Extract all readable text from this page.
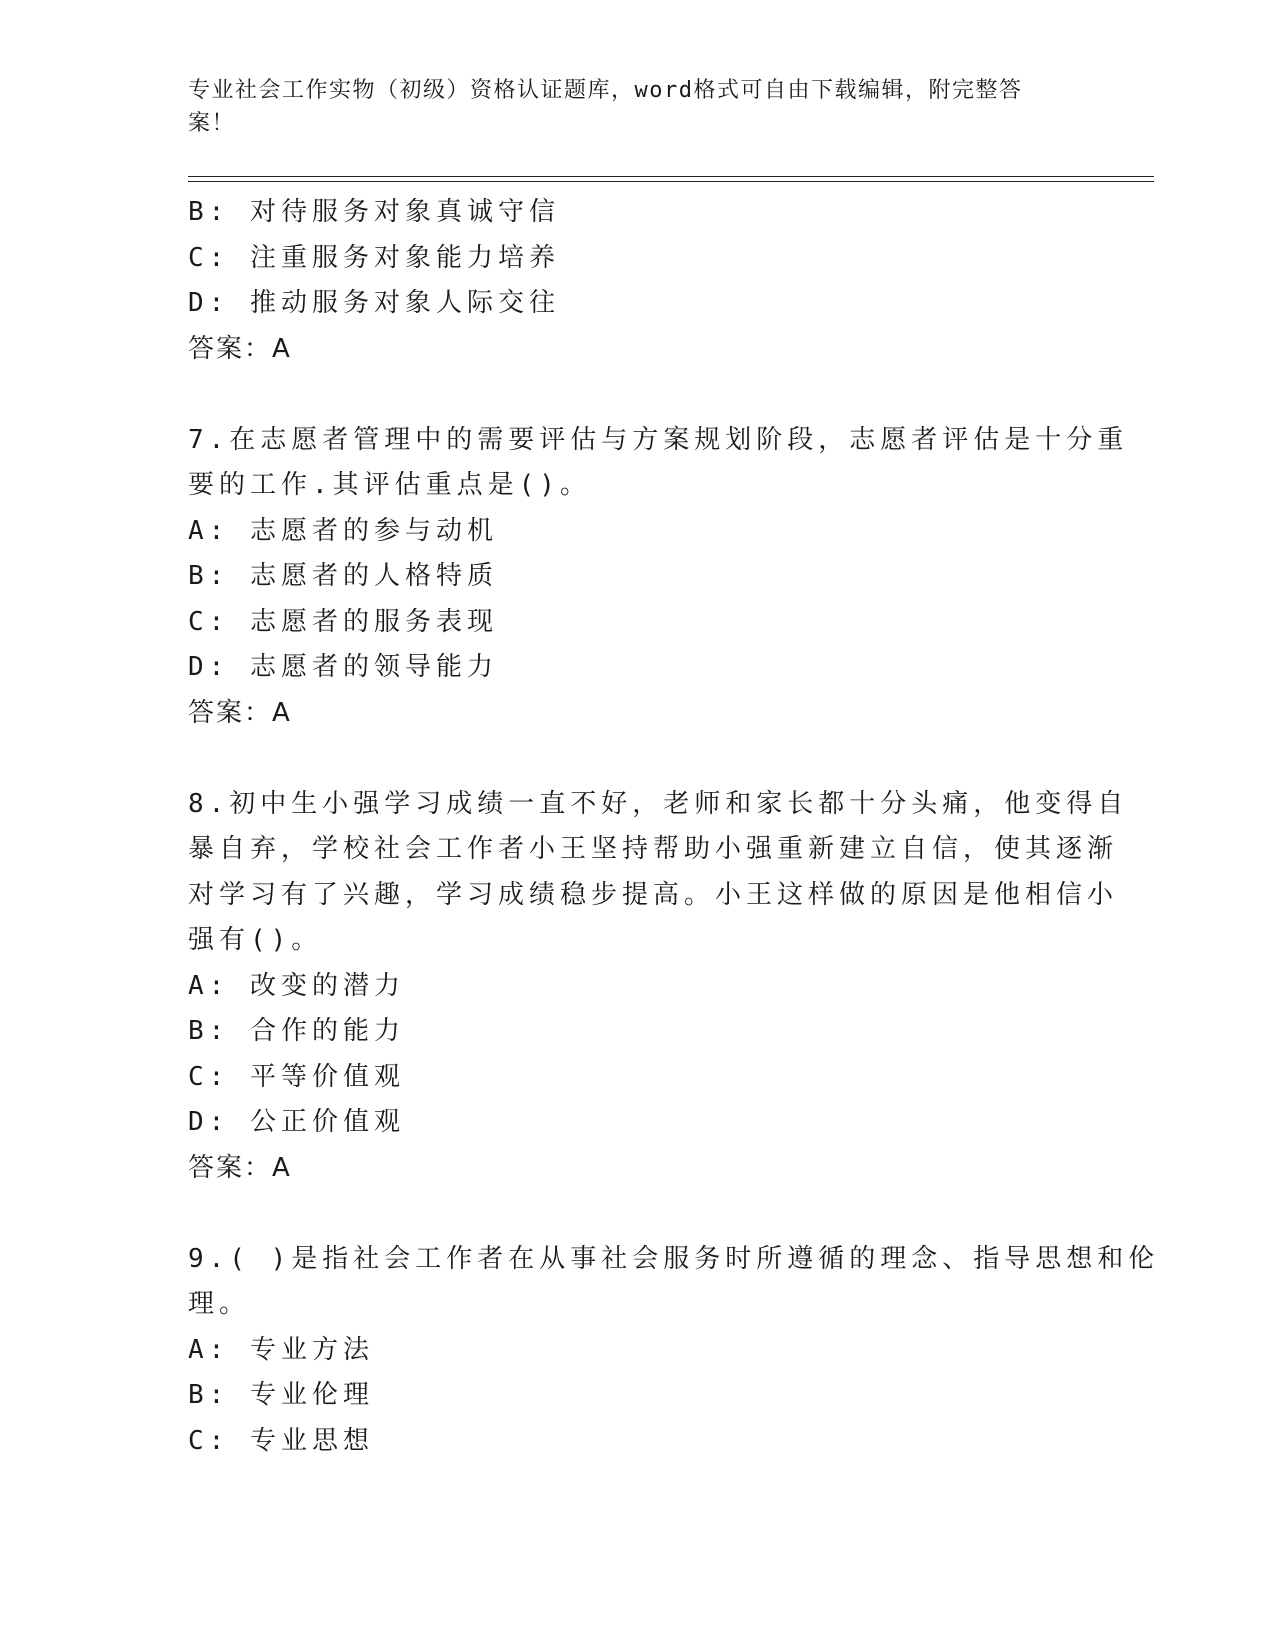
专业社会工作实物（初级）资格认证题库，word格式可自由下载编辑，附完整答案！
B: 对待服务对象真诚守信
C: 注重服务对象能力培养
D: 推动服务对象人际交往
答案：A
7.在志愿者管理中的需要评估与方案规划阶段，志愿者评估是十分重
要的工作.其评估重点是()。
A: 志愿者的参与动机
B: 志愿者的人格特质
C: 志愿者的服务表现
D: 志愿者的领导能力
答案：A
8.初中生小强学习成绩一直不好，老师和家长都十分头痛，他变得自
暴自弃，学校社会工作者小王坚持帮助小强重新建立自信，使其逐渐
对学习有了兴趣，学习成绩稳步提高。小王这样做的原因是他相信小
强有()。
A: 改变的潜力
B: 合作的能力
C: 平等价值观
D: 公正价值观
答案：A
9.( )是指社会工作者在从事社会服务时所遵循的理念、指导思想和伦
理。
A: 专业方法
B: 专业伦理
C: 专业思想
